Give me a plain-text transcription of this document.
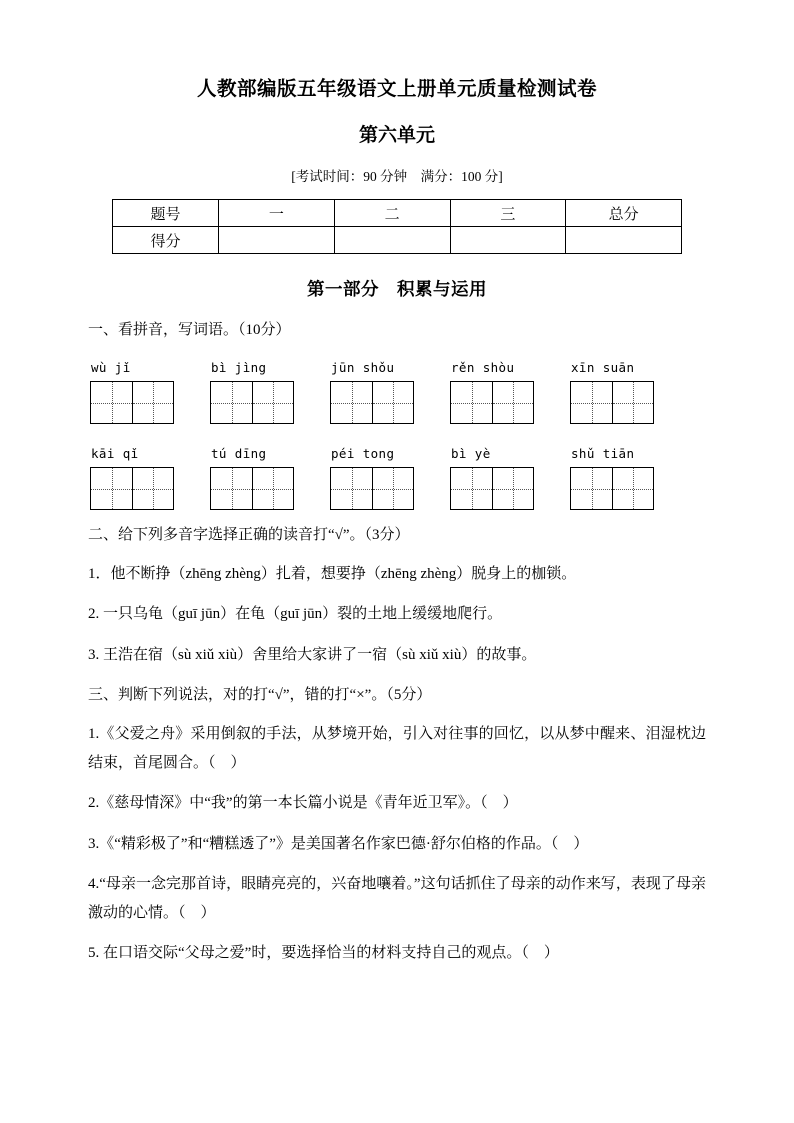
人教部编版五年级语文上册单元质量检测试卷
第六单元

[考试时间：90 分钟　满分：100 分]

题号	一	二	三	总分
得分				
第一部分　积累与运用

一、看拼音，写词语。（10分）

wù jǐ	bì jìng	jūn shǒu	rěn shòu	xīn suān
kāi qǐ	tú dīng	péi tong	bì yè	shǔ tiān

二、给下列多音字选择正确的读音打“√”。（3分）

1．他不断挣（zhēng zhèng）扎着，想要挣（zhēng zhèng）脱身上的枷锁。

2. 一只乌龟（guī jūn）在龟（guī jūn）裂的土地上缓缓地爬行。

3. 王浩在宿（sù xiǔ xiù）舍里给大家讲了一宿（sù xiǔ xiù）的故事。

三、判断下列说法，对的打“√”，错的打“×”。（5分）

1.《父爱之舟》采用倒叙的手法，从梦境开始，引入对往事的回忆，以从梦中醒来、泪湿枕边结束，首尾圆合。（　）

2.《慈母情深》中“我”的第一本长篇小说是《青年近卫军》。（　）

3.《“精彩极了”和“糟糕透了”》是美国著名作家巴德·舒尔伯格的作品。（　）

4.“母亲一念完那首诗，眼睛亮亮的，兴奋地嚷着。”这句话抓住了母亲的动作来写，表现了母亲激动的心情。（　）

5. 在口语交际“父母之爱”时，要选择恰当的材料支持自己的观点。（　）
